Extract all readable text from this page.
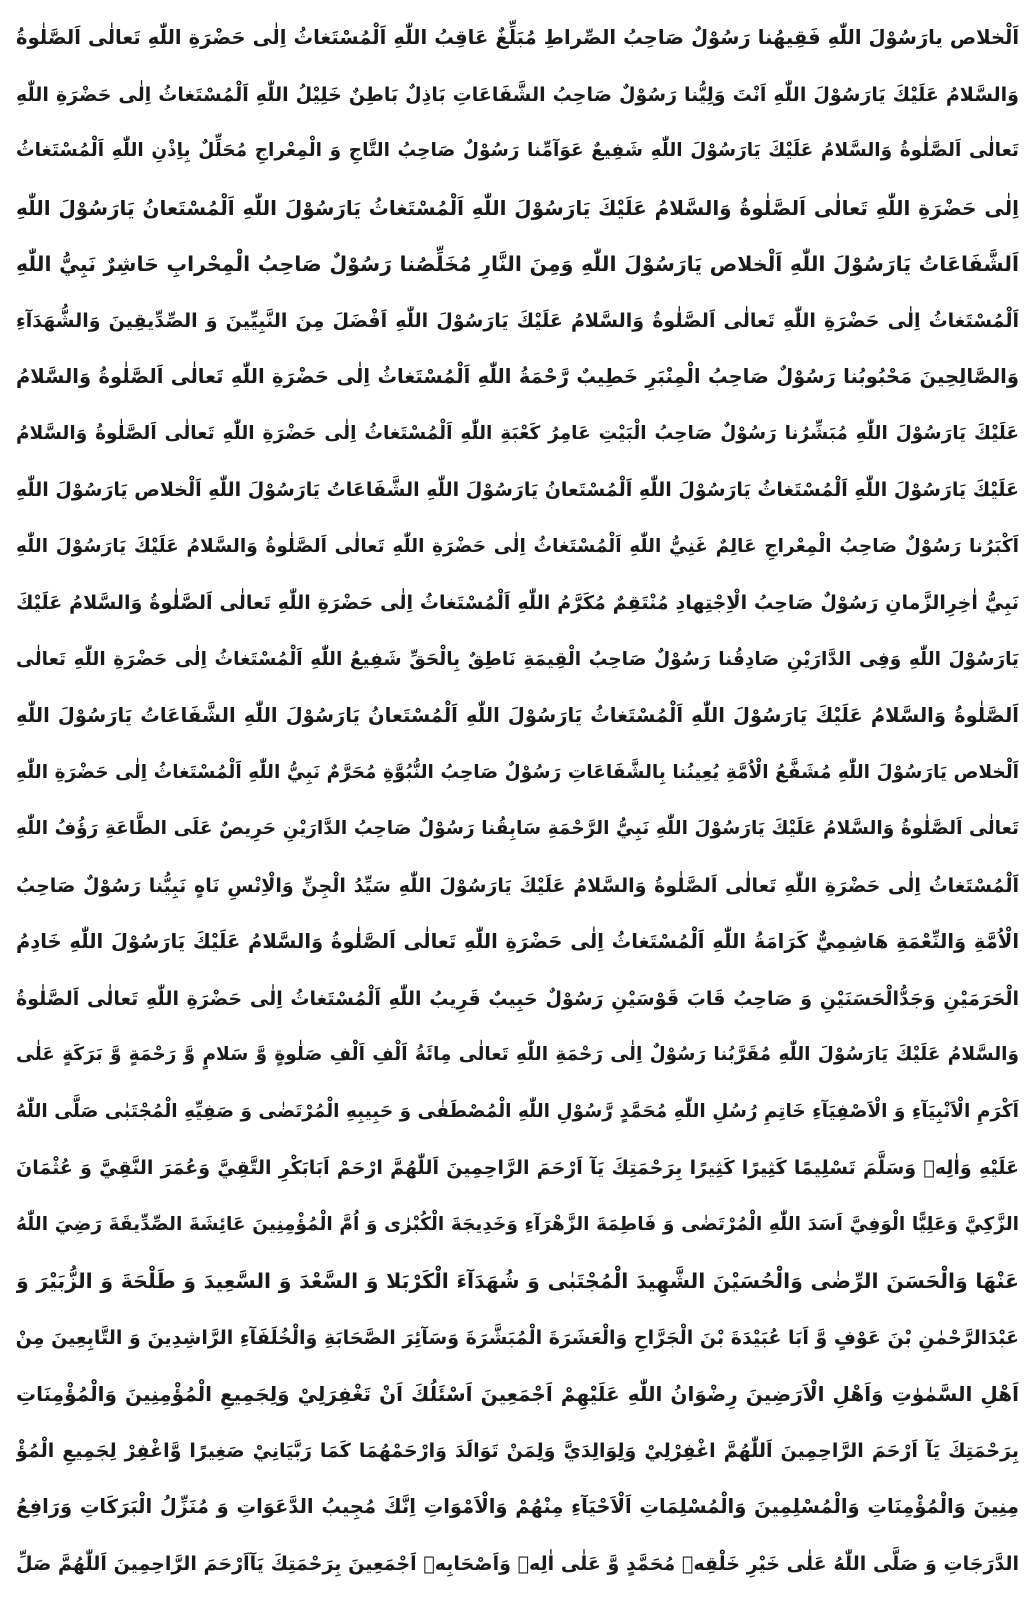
اَلْخلاص يارَسُوْلَ اللّٰهِ فَقِيهُنا رَسُوْلٌ صَاحِبُ الصِّراطِ مُبَلِّغٌ عَاقِبُ اللّٰهِ اَلْمُسْتَغاثُ اِلٰى حَضْرَةِ اللّٰهِ تَعالٰى اَلصَّلٰوةُ
وَالسَّلامُ عَلَيْكَ يَارَسُوْلَ اللّٰهِ اَنْتَ وَلِيُّنا رَسُوْلٌ صَاحِبُ الشَّفَاعَاتِ بَاذِلٌ بَاطِنٌ خَلِيْلُ اللّٰهِ اَلْمُسْتَغاثُ اِلٰى حَضْرَةِ اللّٰهِ
تَعالٰى اَلصَّلٰوةُ وَالسَّلامُ عَلَيْكَ يَارَسُوْلَ اللّٰهِ شَفِيعٌ عَوَآمِّنا رَسُوْلٌ صَاحِبُ التَّاجِ وَ الْمِعْراجِ مُحَلِّلٌ بِاِذْنِ اللّٰهِ اَلْمُسْتَغاثُ
اِلٰى حَضْرَةِ اللّٰهِ تَعالٰى اَلصَّلٰوةُ وَالسَّلامُ عَلَيْكَ يَارَسُوْلَ اللّٰهِ اَلْمُسْتَغاثُ يَارَسُوْلَ اللّٰهِ اَلْمُسْتَعانُ يَارَسُوْلَ اللّٰهِ
اَلشَّفَاعَاتُ يَارَسُوْلَ اللّٰهِ اَلْخلاص يَارَسُوْلَ اللّٰهِ وَمِنَ النَّارِ مُخَلِّصُنا رَسُوْلٌ صَاحِبُ الْمِحْرابِ حَاشِرٌ نَبِيُّ اللّٰهِ
اَلْمُسْتَغاثُ اِلٰى حَضْرَةِ اللّٰهِ تَعالٰى اَلصَّلٰوةُ وَالسَّلامُ عَلَيْكَ يَارَسُوْلَ اللّٰهِ اَفْضَلَ مِنَ النَّبِيِّينَ وَ الصِّدِّيقِينَ وَالشُّهَدَآءِ
وَالصَّالِحِينَ مَحْبُوبُنا رَسُوْلٌ صَاحِبُ الْمِنْبَرِ خَطِيبٌ رَّحْمَةُ اللّٰهِ اَلْمُسْتَغاثُ اِلٰى حَضْرَةِ اللّٰهِ تَعالٰى اَلصَّلٰوةُ وَالسَّلامُ
عَلَيْكَ يَارَسُوْلَ اللّٰهِ مُبَشِّرُنا رَسُوْلٌ صَاحِبُ الْبَيْتِ عَامِرُ كَعْبَةِ اللّٰهِ اَلْمُسْتَغاثُ اِلٰى حَضْرَةِ اللّٰهِ تَعالٰى اَلصَّلٰوةُ وَالسَّلامُ
عَلَيْكَ يَارَسُوْلَ اللّٰهِ اَلْمُسْتَغاثُ يَارَسُوْلَ اللّٰهِ اَلْمُسْتَعانُ يَارَسُوْلَ اللّٰهِ الشَّفَاعَاتُ يَارَسُوْلَ اللّٰهِ اَلْخلاص يَارَسُوْلَ اللّٰهِ
اَكْبَرُنا رَسُوْلٌ صَاحِبُ الْمِعْراجِ عَالِمٌ غَنِيُّ اللّٰهِ اَلْمُسْتَغاثُ اِلٰى حَضْرَةِ اللّٰهِ تَعالٰى اَلصَّلٰوةُ وَالسَّلامُ عَلَيْكَ يَارَسُوْلَ اللّٰهِ
نَبِيُّ اٰخِرِالزَّمانِ رَسُوْلٌ صَاحِبُ الْاِجْتِهادِ مُنْتَقِمٌ مُكَرَّمُ اللّٰهِ اَلْمُسْتَغاثُ اِلٰى حَضْرَةِ اللّٰهِ تَعالٰى اَلصَّلٰوةُ وَالسَّلامُ عَلَيْكَ
يَارَسُوْلَ اللّٰهِ وَفِى الدَّارَيْنِ صَادِقُنا رَسُوْلٌ صَاحِبُ الْقِيمَةِ نَاطِقٌ بِالْحَقِّ شَفِيعُ اللّٰهِ اَلْمُسْتَغاثُ اِلٰى حَضْرَةِ اللّٰهِ تَعالٰى
اَلصَّلٰوةُ وَالسَّلامُ عَلَيْكَ يَارَسُوْلَ اللّٰهِ اَلْمُسْتَغاثُ يَارَسُوْلَ اللّٰهِ اَلْمُسْتَعانُ يَارَسُوْلَ اللّٰهِ الشَّفَاعَاتُ يَارَسُوْلَ اللّٰهِ
اَلْخلاص يَارَسُوْلَ اللّٰهِ مُشَفَّعُ الْاُمَّةِ يُعِينُنا بِالشَّفَاعَاتِ رَسُوْلٌ صَاحِبُ النُّبُوَّةِ مُحَرَّمٌ نَبِيُّ اللّٰهِ اَلْمُسْتَغاثُ اِلٰى حَضْرَةِ اللّٰهِ
تَعالٰى اَلصَّلٰوةُ وَالسَّلامُ عَلَيْكَ يَارَسُوْلَ اللّٰهِ نَبِيُّ الرَّحْمَةِ سَابِقُنا رَسُوْلٌ صَاحِبُ الدَّارَيْنِ حَرِيصٌ عَلَى الطَّاعَةِ رَؤُفُ اللّٰهِ
اَلْمُسْتَغاثُ اِلٰى حَضْرَةِ اللّٰهِ تَعالٰى اَلصَّلٰوةُ وَالسَّلامُ عَلَيْكَ يَارَسُوْلَ اللّٰهِ سَيِّدُ الْجِنِّ وَالْاِنْسِ نَاهٍ نَبِيُّنا رَسُوْلٌ صَاحِبُ
الْاُمَّةِ وَالنِّعْمَةِ هَاشِمِيٌّ كَرَامَةُ اللّٰهِ اَلْمُسْتَغاثُ اِلٰى حَضْرَةِ اللّٰهِ تَعالٰى اَلصَّلٰوةُ وَالسَّلامُ عَلَيْكَ يَارَسُوْلَ اللّٰهِ خَادِمُ
الْحَرَمَيْنِ وَجَدُّالْحَسَنَيْنِ وَ صَاحِبُ قَابَ قَوْسَيْنِ رَسُوْلٌ حَبِيبٌ قَرِيبُ اللّٰهِ اَلْمُسْتَغاثُ اِلٰى حَضْرَةِ اللّٰهِ تَعالٰى اَلصَّلٰوةُ
وَالسَّلامُ عَلَيْكَ يَارَسُوْلَ اللّٰهِ مُقَرَّبُنا رَسُوْلٌ اِلٰى رَحْمَةِ اللّٰهِ تَعالٰى مِائَةُ اَلْفِ اَلْفِ صَلٰوةٍ وَّ سَلامٍ وَّ رَحْمَةٍ وَّ بَرَكَةٍ عَلٰى
اَكْرَمِ الْاَنْبِيَآءِ وَ الْاَصْفِيَآءِ خَاتِمِ رُسُلِ اللّٰهِ مُحَمَّدٍ رَّسُوْلِ اللّٰهِ الْمُصْطَفٰى وَ حَبِيبِهِ الْمُرْتَضٰى وَ صَفِيِّهِ الْمُجْتَبٰى صَلَّى اللّٰهُ
عَلَيْهِ وَاٰلِهٖ وَسَلَّمَ تَسْلِيمًا كَثِيرًا كَثِيرًا بِرَحْمَتِكَ يَآ اَرْحَمَ الرَّاحِمِينَ اَللّٰهُمَّ ارْحَمْ اَبَابَكْرِ التَّقِيَّ وَعُمَرَ النَّقِيَّ وَ عُثْمَانَ
الزَّكِيَّ وَعَلِيًّا الْوَفِيَّ اَسَدَ اللّٰهِ الْمُرْتَضٰى وَ فَاطِمَةَ الزَّهْرَآءِ وَخَدِيجَةَ الْكُبْرٰى وَ اُمَّ الْمُؤْمِنِينَ عَائِشَةَ الصِّدِّيقَةَ رَضِيَ اللّٰهُ
عَنْهَا وَالْحَسَنَ الرِّضٰى وَالْحُسَيْنَ الشَّهِيدَ الْمُجْتَبٰى وَ شُهَدَآءَ الْكَرْبَلا وَ السَّعْدَ وَ السَّعِيدَ وَ طَلْحَةَ وَ الزُّبَيْرَ وَ
عَبْدَالرَّحْمٰنِ بْنَ عَوْفٍ وَّ اَبَا عُبَيْدَةَ بْنَ الْجَرَّاحِ وَالْعَشَرَةَ الْمُبَشَّرَةَ وَسَآئِرَ الصَّحَابَةِ وَالْخُلَفَآءِ الرَّاشِدِينَ وَ التَّابِعِينَ مِنْ
اَهْلِ السَّمٰوٰتِ وَاَهْلِ الْاَرَضِينَ رِضْوَانُ اللّٰهِ عَلَيْهِمْ اَجْمَعِينَ اَسْئَلُكَ اَنْ تَغْفِرَلِيْ وَلِجَمِيعِ الْمُؤْمِنِينَ وَالْمُؤْمِنَاتِ
بِرَحْمَتِكَ يَآ اَرْحَمَ الرَّاحِمِينَ اَللّٰهُمَّ اغْفِرْلِيْ وَلِوَالِدَيَّ وَلِمَنْ تَوَالَدَ وَارْحَمْهُمَا كَمَا رَبَّيَانِيْ صَغِيرًا وَّاغْفِرْ لِجَمِيعِ الْمُؤْ
مِنِينَ وَالْمُؤْمِنَاتِ وَالْمُسْلِمِينَ وَالْمُسْلِمَاتِ اَلْاَحْيَآءِ مِنْهُمْ وَالْاَمْوَاتِ اِنَّكَ مُجِيبُ الدَّعَوَاتِ وَ مُنَزِّلُ الْبَرَكَاتِ وَرَافِعُ
الدَّرَجَاتِ وَ صَلَّى اللّٰهُ عَلٰى خَيْرِ خَلْقِهٖ مُحَمَّدٍ وَّ عَلٰى اٰلِهٖ وَاَصْحَابِهٖ اَجْمَعِينَ بِرَحْمَتِكَ يَآاَرْحَمَ الرَّاحِمِينَ اَللّٰهُمَّ صَلِّ
